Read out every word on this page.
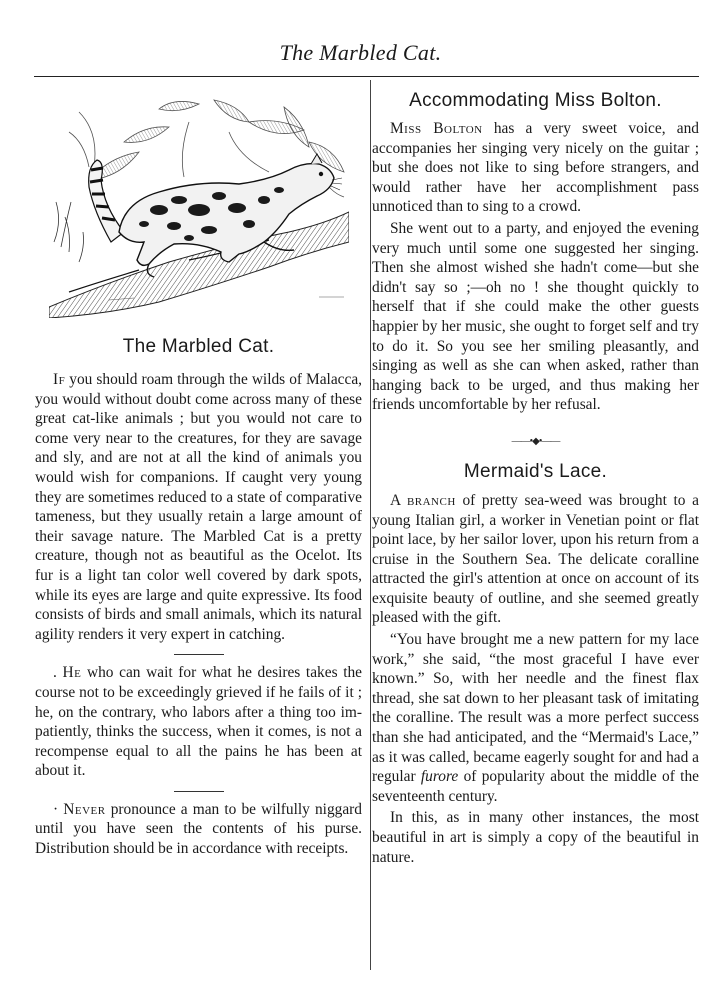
The Marbled Cat.
The Marbled Cat.

If you should roam through the wilds of Malacca, you would without doubt come across many of these great cat-like animals ; but you would not care to come very near to the creatures, for they are savage and sly, and are not at all the kind of animals you would wish for companions. If caught very young they are sometimes reduced to a state of comparative tameness, but they usually retain a large amount of their savage nature. The Marbled Cat is a pretty creature, though not as beautiful as the Ocelot. Its fur is a light tan color well covered by dark spots, while its eyes are large and quite expressive. Its food consists of birds and small animals, which its natural agility renders it very expert in catching.

. He who can wait for what he desires takes the course not to be exceedingly grieved if he fails of it ; he, on the contrary, who labors after a thing too impatiently, thinks the success, when it comes, is not a recompense equal to all the pains he has been at about it.

· Never pronounce a man to be wilfully niggard until you have seen the contents of his purse. Distribution should be in accordance with receipts.

Accommodating Miss Bolton.

Miss Bolton has a very sweet voice, and accompanies her singing very nicely on the guitar ; but she does not like to sing before strangers, and would rather have her accomplishment pass unnoticed than to sing to a crowd.

She went out to a party, and enjoyed the evening very much until some one suggested her singing. Then she almost wished she hadn't come—but she didn't say so ;—oh no ! she thought quickly to herself that if she could make the other guests happier by her music, she ought to forget self and try to do it. So you see her smiling pleasantly, and singing as well as she can when asked, rather than hanging back to be urged, and thus making her friends uncomfortable by her refusal.

——•◆•——
Mermaid's Lace.

A branch of pretty sea-weed was brought to a young Italian girl, a worker in Venetian point or flat point lace, by her sailor lover, upon his return from a cruise in the Southern Sea. The delicate coralline attracted the girl's attention at once on account of its exquisite beauty of outline, and she seemed greatly pleased with the gift.

“You have brought me a new pattern for my lace work,” she said, “the most graceful I have ever known.” So, with her needle and the finest flax thread, she sat down to her pleasant task of imitating the coralline. The result was a more perfect success than she had anticipated, and the “Mermaid's Lace,” as it was called, became eagerly sought for and had a regular furore of popularity about the middle of the seventeenth century.

In this, as in many other instances, the most beautiful in art is simply a copy of the beautiful in nature.
